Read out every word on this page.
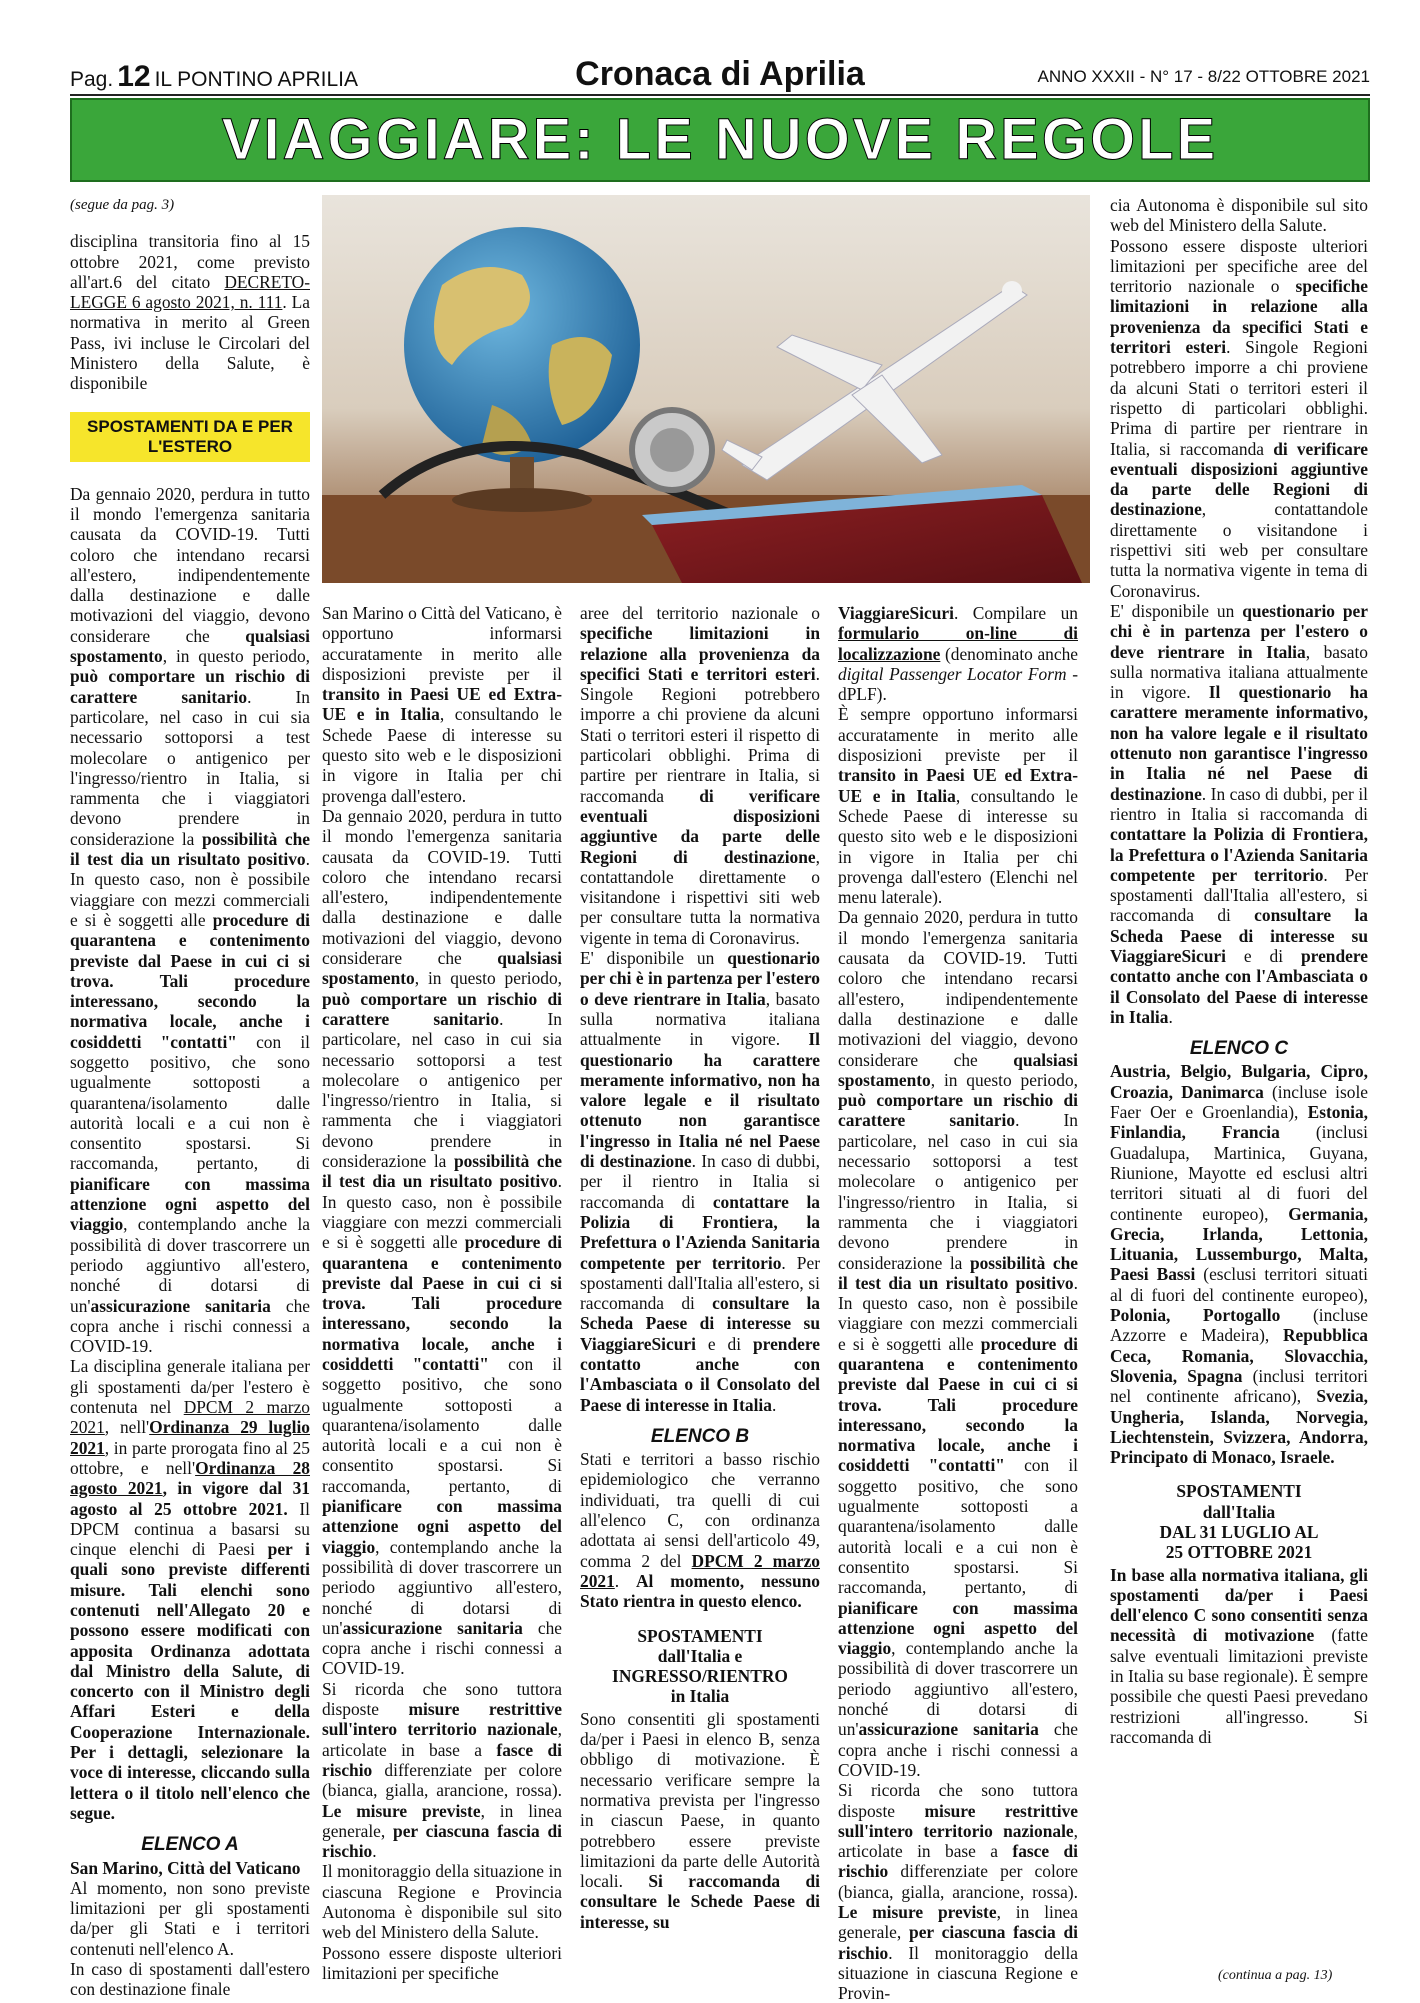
Pag. 12 IL PONTINO APRILIA	Cronaca di Aprilia	ANNO XXXII - N° 17 - 8/22 OTTOBRE 2021
VIAGGIARE: LE NUOVE REGOLE

(segue da pag. 3)

disciplina transitoria fino al 15 ottobre 2021, come previsto all'art.6 del citato DECRETO-LEGGE 6 agosto 2021, n. 111. La normativa in merito al Green Pass, ivi incluse le Circolari del Ministero della Salute, è disponibile

SPOSTAMENTI DA E PER L'ESTERO

Da gennaio 2020, perdura in tutto il mondo l'emergenza sanitaria causata da COVID-19. Tutti coloro che intendano recarsi all'estero, indipendentemente dalla destinazione e dalle motivazioni del viaggio, devono considerare che qualsiasi spostamento, in questo periodo, può comportare un rischio di carattere sanitario. In particolare, nel caso in cui sia necessario sottoporsi a test molecolare o antigenico per l'ingresso/rientro in Italia, si rammenta che i viaggiatori devono prendere in considerazione la possibilità che il test dia un risultato positivo. In questo caso, non è possibile viaggiare con mezzi commerciali e si è soggetti alle procedure di quarantena e contenimento previste dal Paese in cui ci si trova. Tali procedure interessano, secondo la normativa locale, anche i cosiddetti "contatti" con il soggetto positivo, che sono ugualmente sottoposti a quarantena/isolamento dalle autorità locali e a cui non è consentito spostarsi. Si raccomanda, pertanto, di pianificare con massima attenzione ogni aspetto del viaggio, contemplando anche la possibilità di dover trascorrere un periodo aggiuntivo all'estero, nonché di dotarsi di un'assicurazione sanitaria che copra anche i rischi connessi a COVID-19.

La disciplina generale italiana per gli spostamenti da/per l'estero è contenuta nel DPCM 2 marzo 2021, nell'Ordinanza 29 luglio 2021, in parte prorogata fino al 25 ottobre, e nell'Ordinanza 28 agosto 2021, in vigore dal 31 agosto al 25 ottobre 2021. Il DPCM continua a basarsi su cinque elenchi di Paesi per i quali sono previste differenti misure. Tali elenchi sono contenuti nell'Allegato 20 e possono essere modificati con apposita Ordinanza adottata dal Ministro della Salute, di concerto con il Ministro degli Affari Esteri e della Cooperazione Internazionale. Per i dettagli, selezionare la voce di interesse, cliccando sulla lettera o il titolo nell'elenco che segue.

ELENCO A

San Marino, Città del Vaticano

Al momento, non sono previste limitazioni per gli spostamenti da/per gli Stati e i territori contenuti nell'elenco A.

In caso di spostamenti dall'estero con destinazione finale

San Marino o Città del Vaticano, è opportuno informarsi accuratamente in merito alle disposizioni previste per il transito in Paesi UE ed Extra-UE e in Italia, consultando le Schede Paese di interesse su questo sito web e le disposizioni in vigore in Italia per chi provenga dall'estero.

Da gennaio 2020, perdura in tutto il mondo l'emergenza sanitaria causata da COVID-19. Tutti coloro che intendano recarsi all'estero, indipendentemente dalla destinazione e dalle motivazioni del viaggio, devono considerare che qualsiasi spostamento, in questo periodo, può comportare un rischio di carattere sanitario. In particolare, nel caso in cui sia necessario sottoporsi a test molecolare o antigenico per l'ingresso/rientro in Italia, si rammenta che i viaggiatori devono prendere in considerazione la possibilità che il test dia un risultato positivo. In questo caso, non è possibile viaggiare con mezzi commerciali e si è soggetti alle procedure di quarantena e contenimento previste dal Paese in cui ci si trova. Tali procedure interessano, secondo la normativa locale, anche i cosiddetti "contatti" con il soggetto positivo, che sono ugualmente sottoposti a quarantena/isolamento dalle autorità locali e a cui non è consentito spostarsi. Si raccomanda, pertanto, di pianificare con massima attenzione ogni aspetto del viaggio, contemplando anche la possibilità di dover trascorrere un periodo aggiuntivo all'estero, nonché di dotarsi di un'assicurazione sanitaria che copra anche i rischi connessi a COVID-19.

Si ricorda che sono tuttora disposte misure restrittive sull'intero territorio nazionale, articolate in base a fasce di rischio differenziate per colore (bianca, gialla, arancione, rossa). Le misure previste, in linea generale, per ciascuna fascia di rischio.

Il monitoraggio della situazione in ciascuna Regione e Provincia Autonoma è disponibile sul sito web del Ministero della Salute.

Possono essere disposte ulteriori limitazioni per specifiche

aree del territorio nazionale o specifiche limitazioni in relazione alla provenienza da specifici Stati e territori esteri. Singole Regioni potrebbero imporre a chi proviene da alcuni Stati o territori esteri il rispetto di particolari obblighi. Prima di partire per rientrare in Italia, si raccomanda di verificare eventuali disposizioni aggiuntive da parte delle Regioni di destinazione, contattandole direttamente o visitandone i rispettivi siti web per consultare tutta la normativa vigente in tema di Coronavirus.

E' disponibile un questionario per chi è in partenza per l'estero o deve rientrare in Italia, basato sulla normativa italiana attualmente in vigore. Il questionario ha carattere meramente informativo, non ha valore legale e il risultato ottenuto non garantisce l'ingresso in Italia né nel Paese di destinazione. In caso di dubbi, per il rientro in Italia si raccomanda di contattare la Polizia di Frontiera, la Prefettura o l'Azienda Sanitaria competente per territorio. Per spostamenti dall'Italia all'estero, si raccomanda di consultare la Scheda Paese di interesse su ViaggiareSicuri e di prendere contatto anche con l'Ambasciata o il Consolato del Paese di interesse in Italia.

ELENCO B

Stati e territori a basso rischio epidemiologico che verranno individuati, tra quelli di cui all'elenco C, con ordinanza adottata ai sensi dell'articolo 49, comma 2 del DPCM 2 marzo 2021. Al momento, nessuno Stato rientra in questo elenco.

SPOSTAMENTI
dall'Italia e
INGRESSO/RIENTRO
in Italia

Sono consentiti gli spostamenti da/per i Paesi in elenco B, senza obbligo di motivazione. È necessario verificare sempre la normativa prevista per l'ingresso in ciascun Paese, in quanto potrebbero essere previste limitazioni da parte delle Autorità locali. Si raccomanda di consultare le Schede Paese di interesse, su

ViaggiareSicuri. Compilare un formulario on-line di localizzazione (denominato anche digital Passenger Locator Form - dPLF).

È sempre opportuno informarsi accuratamente in merito alle disposizioni previste per il transito in Paesi UE ed Extra-UE e in Italia, consultando le Schede Paese di interesse su questo sito web e le disposizioni in vigore in Italia per chi provenga dall'estero (Elenchi nel menu laterale).

Da gennaio 2020, perdura in tutto il mondo l'emergenza sanitaria causata da COVID-19. Tutti coloro che intendano recarsi all'estero, indipendentemente dalla destinazione e dalle motivazioni del viaggio, devono considerare che qualsiasi spostamento, in questo periodo, può comportare un rischio di carattere sanitario. In particolare, nel caso in cui sia necessario sottoporsi a test molecolare o antigenico per l'ingresso/rientro in Italia, si rammenta che i viaggiatori devono prendere in considerazione la possibilità che il test dia un risultato positivo. In questo caso, non è possibile viaggiare con mezzi commerciali e si è soggetti alle procedure di quarantena e contenimento previste dal Paese in cui ci si trova. Tali procedure interessano, secondo la normativa locale, anche i cosiddetti "contatti" con il soggetto positivo, che sono ugualmente sottoposti a quarantena/isolamento dalle autorità locali e a cui non è consentito spostarsi. Si raccomanda, pertanto, di pianificare con massima attenzione ogni aspetto del viaggio, contemplando anche la possibilità di dover trascorrere un periodo aggiuntivo all'estero, nonché di dotarsi di un'assicurazione sanitaria che copra anche i rischi connessi a COVID-19.

Si ricorda che sono tuttora disposte misure restrittive sull'intero territorio nazionale, articolate in base a fasce di rischio differenziate per colore (bianca, gialla, arancione, rossa). Le misure previste, in linea generale, per ciascuna fascia di rischio. Il monitoraggio della situazione in ciascuna Regione e Provin-

cia Autonoma è disponibile sul sito web del Ministero della Salute.

Possono essere disposte ulteriori limitazioni per specifiche aree del territorio nazionale o specifiche limitazioni in relazione alla provenienza da specifici Stati e territori esteri. Singole Regioni potrebbero imporre a chi proviene da alcuni Stati o territori esteri il rispetto di particolari obblighi. Prima di partire per rientrare in Italia, si raccomanda di verificare eventuali disposizioni aggiuntive da parte delle Regioni di destinazione, contattandole direttamente o visitandone i rispettivi siti web per consultare tutta la normativa vigente in tema di Coronavirus.

E' disponibile un questionario per chi è in partenza per l'estero o deve rientrare in Italia, basato sulla normativa italiana attualmente in vigore. Il questionario ha carattere meramente informativo, non ha valore legale e il risultato ottenuto non garantisce l'ingresso in Italia né nel Paese di destinazione. In caso di dubbi, per il rientro in Italia si raccomanda di contattare la Polizia di Frontiera, la Prefettura o l'Azienda Sanitaria competente per territorio. Per spostamenti dall'Italia all'estero, si raccomanda di consultare la Scheda Paese di interesse su ViaggiareSicuri e di prendere contatto anche con l'Ambasciata o il Consolato del Paese di interesse in Italia.

ELENCO C

Austria, Belgio, Bulgaria, Cipro, Croazia, Danimarca (incluse isole Faer Oer e Groenlandia), Estonia, Finlandia, Francia (inclusi Guadalupa, Martinica, Guyana, Riunione, Mayotte ed esclusi altri territori situati al di fuori del continente europeo), Germania, Grecia, Irlanda, Lettonia, Lituania, Lussemburgo, Malta, Paesi Bassi (esclusi territori situati al di fuori del continente europeo), Polonia, Portogallo (incluse Azzorre e Madeira), Repubblica Ceca, Romania, Slovacchia, Slovenia, Spagna (inclusi territori nel continente africano), Svezia, Ungheria, Islanda, Norvegia, Liechtenstein, Svizzera, Andorra, Principato di Monaco, Israele.

SPOSTAMENTI
dall'Italia
DAL 31 LUGLIO AL
25 OTTOBRE 2021

In base alla normativa italiana, gli spostamenti da/per i Paesi dell'elenco C sono consentiti senza necessità di motivazione (fatte salve eventuali limitazioni previste in Italia su base regionale). È sempre possibile che questi Paesi prevedano restrizioni all'ingresso. Si raccomanda di

(continua a pag. 13)
